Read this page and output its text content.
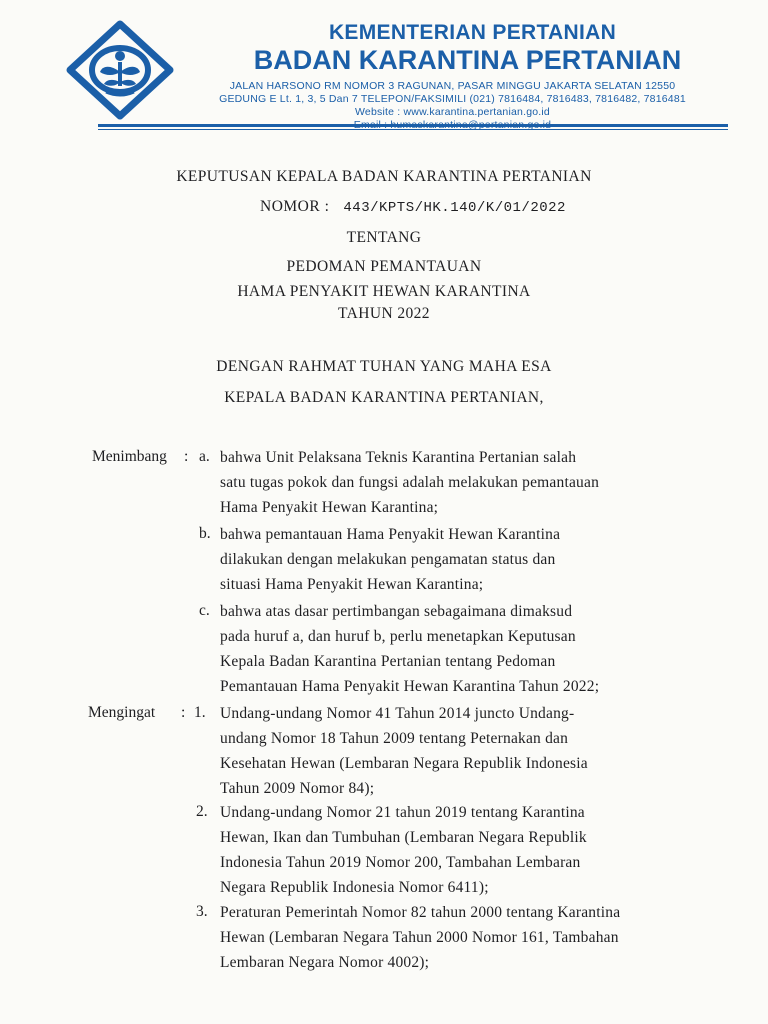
KEMENTERIAN PERTANIAN
BADAN KARANTINA PERTANIAN
JALAN HARSONO RM NOMOR 3 RAGUNAN, PASAR MINGGU JAKARTA SELATAN 12550
GEDUNG E Lt. 1, 3, 5 Dan 7 TELEPON/FAKSIMILI (021) 7816484, 7816483, 7816482, 7816481
Website : www.karantina.pertanian.go.id
KEPUTUSAN KEPALA BADAN KARANTINA PERTANIAN
NOMOR : 443/KPTS/HK.140/K/01/2022
TENTANG
PEDOMAN PEMANTAUAN
HAMA PENYAKIT HEWAN KARANTINA
TAHUN 2022
DENGAN RAHMAT TUHAN YANG MAHA ESA
KEPALA BADAN KARANTINA PERTANIAN,
Menimbang : a. bahwa Unit Pelaksana Teknis Karantina Pertanian salah
satu tugas pokok dan fungsi adalah melakukan pemantauan
Hama Penyakit Hewan Karantina;
b. bahwa pemantauan Hama Penyakit Hewan Karantina
dilakukan dengan melakukan pengamatan status dan
situasi Hama Penyakit Hewan Karantina;
c. bahwa atas dasar pertimbangan sebagaimana dimaksud
pada huruf a, dan huruf b, perlu menetapkan Keputusan
Kepala Badan Karantina Pertanian tentang Pedoman
Pemantauan Hama Penyakit Hewan Karantina Tahun 2022;
Mengingat : 1. Undang-undang Nomor 41 Tahun 2014 juncto Undang-
undang Nomor 18 Tahun 2009 tentang Peternakan dan
Kesehatan Hewan (Lembaran Negara Republik Indonesia
Tahun 2009 Nomor 84);
2. Undang-undang Nomor 21 tahun 2019 tentang Karantina
Hewan, Ikan dan Tumbuhan (Lembaran Negara Republik
Indonesia Tahun 2019 Nomor 200, Tambahan Lembaran
Negara Republik Indonesia Nomor 6411);
3. Peraturan Pemerintah Nomor 82 tahun 2000 tentang Karantina
Hewan (Lembaran Negara Tahun 2000 Nomor 161, Tambahan
Lembaran Negara Nomor 4002);
